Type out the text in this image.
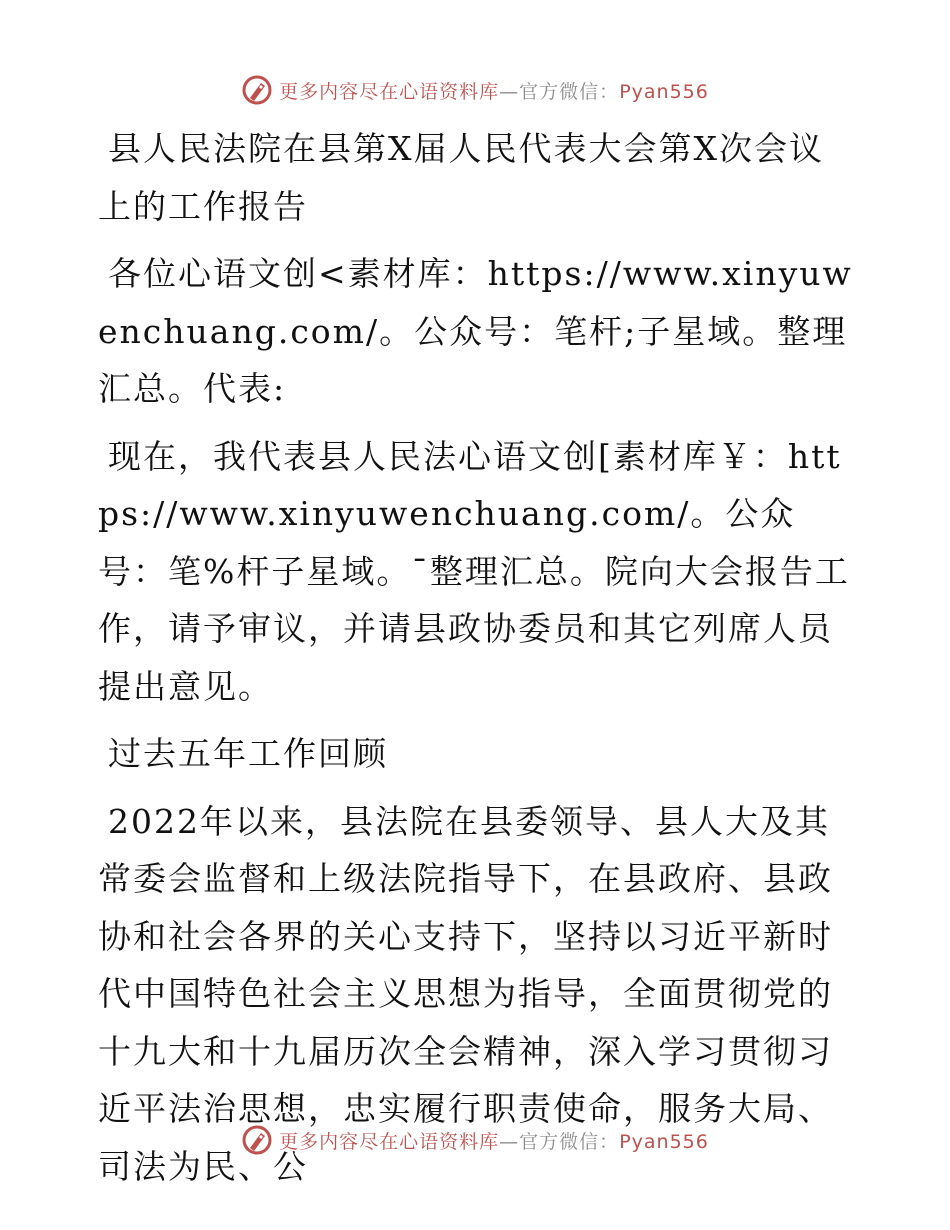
更多内容尽在心语资料库—官方微信：Pyan556

县人民法院在县第X届人民代表大会第X次会议上的工作报告

各位心语文创<素材库：https://www.xinyuwenchuang.com/。公众号：笔杆;子星域。整理汇总。代表:

现在，我代表县人民法心语文创[素材库￥：https://www.xinyuwenchuang.com/。公众号：笔%杆子星域。¯整理汇总。院向大会报告工作，请予审议，并请县政协委员和其它列席人员提出意见。

过去五年工作回顾

2022年以来，县法院在县委领导、县人大及其常委会监督和上级法院指导下，在县政府、县政协和社会各界的关心支持下，坚持以习近平新时代中国特色社会主义思想为指导，全面贯彻党的十九大和十九届历次全会精神，深入学习贯彻习近平法治思想，忠实履行职责使命，服务大局、司法为民、公

更多内容尽在心语资料库—官方微信：Pyan556
